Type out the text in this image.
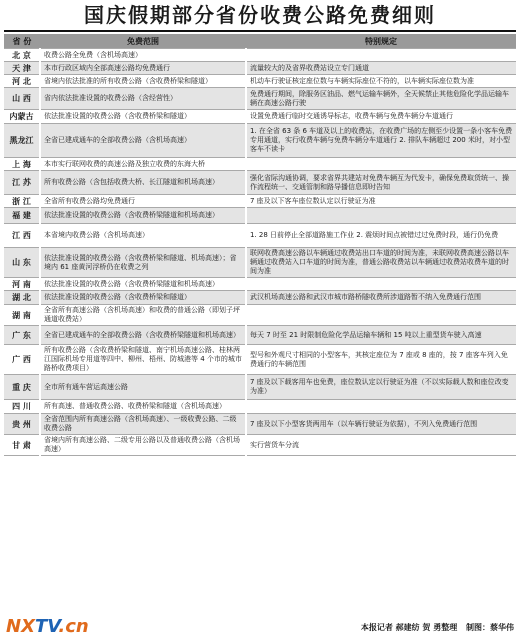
国庆假期部分省份收费公路免费细则
省 份	免费范围	特别规定
北 京	收费公路全免费（含机场高速）	
天 津	本市行政区域内全部高速公路均免费通行	流量较大的及省界收费站设立专门通道
河 北	省境内依法批准的所有收费公路（含收费桥梁和隧道）	机动车行驶证核定座位数与车辆实际座位不符的，以车辆实际座位数为准
山 西	省内依法批准设置的收费公路（含经营性）	免费通行期间，除服务区油品、燃气运输车辆外，全天候禁止其他危险化学品运输车辆在高速公路行驶
内蒙古	依法批准设置的收费公路（含收费桥梁和隧道）	设置免费通行临时交通诱导标志，收费车辆与免费车辆分车道通行
黑龙江	全省已建成通车的全部收费公路（含机场高速）	1. 在全省 63 条 6 车道及以上的收费站，在收费广场的左侧至少设置一条小客车免费专用通道，实行收费车辆与免费车辆分车道通行 2. 排队车辆超过 200 米时，对小型客车不读卡
上 海	本市实行联网收费的高速公路及独立收费的东海大桥	
江 苏	所有收费公路（含包括收费大桥、长江隧道和机场高速）	强化省际沟通协调，要求省界共建站对免费车辆互为代发卡，确保免费取货统一、操作流程统一、交通管制和路导播信息即时告知
浙 江	全省所有收费公路均免费通行	7 座及以下客车座位数认定以行驶证为准
福 建	依法批准设置的收费公路（含收费桥梁隧道和机场高速）	
江 西	本省境内收费公路（含机场高速）	1. 28 日前停止全部道路施工作业 2. 震烦时间点被错过过免费时段，通行仍免费
山 东	依法批准设置的收费公路（含收费桥梁和隧道、机场高速）；省境内 61 座黄河浮桥仍在收费之列	联网收费高速公路以车辆通过收费站出口车道的时间为准，未联网收费高速公路以车辆通过收费站入口车道的时间为准，普通公路收费站以车辆通过收费站收费车道的时间为准
河 南	依法批准设置的收费公路（含收费桥梁隧道和机场高速）	
湖 北	依法批准设置的收费公路（含收费桥梁和隧道）	武汉机场高速公路和武汉市城市路桥隧收费所涉道路暂不纳入免费通行范围
湖 南	全省所有高速公路（含机场高速）和收费的普通公路（即划子坪通道收费站）	
广 东	全省已建成通车的全部收费公路（含收费桥梁隧道和机场高速）	每天 7 时至 21 时限制危险化学品运输车辆和 15 吨以上重型货车驶入高速
广 西	所有收费公路（含收费桥梁和隧道、南宁机场高速公路、桂林两江国际机场专用道等四中、柳州、梧州、防城港等 4 个市的城市路桥收费项目）	型号和外观尺寸相同的小型客车，其核定座位为 7 座或 8 座的，按 7 座客车列入免费通行的车辆范围
重 庆	全市所有通车营运高速公路	7 座及以下载客用车也免费，座位数认定以行驶证为准（不以实际载人数和座位改变为准）
四 川	所有高速、普通收费公路、收费桥梁和隧道（含机场高速）	
贵 州	全省范围内所有高速公路（含机场高速）、一级收费公路、二级收费公路	7 座及以下小型客货两用车（以车辆行驶证为依据），不列入免费通行范围
甘 肃	省境内所有高速公路、二级专用公路以及普通收费公路（含机场高速）	实行营货车分流
NXTV.cn	本报记者 郝建纺 贺 勇整理 制图：蔡华伟
